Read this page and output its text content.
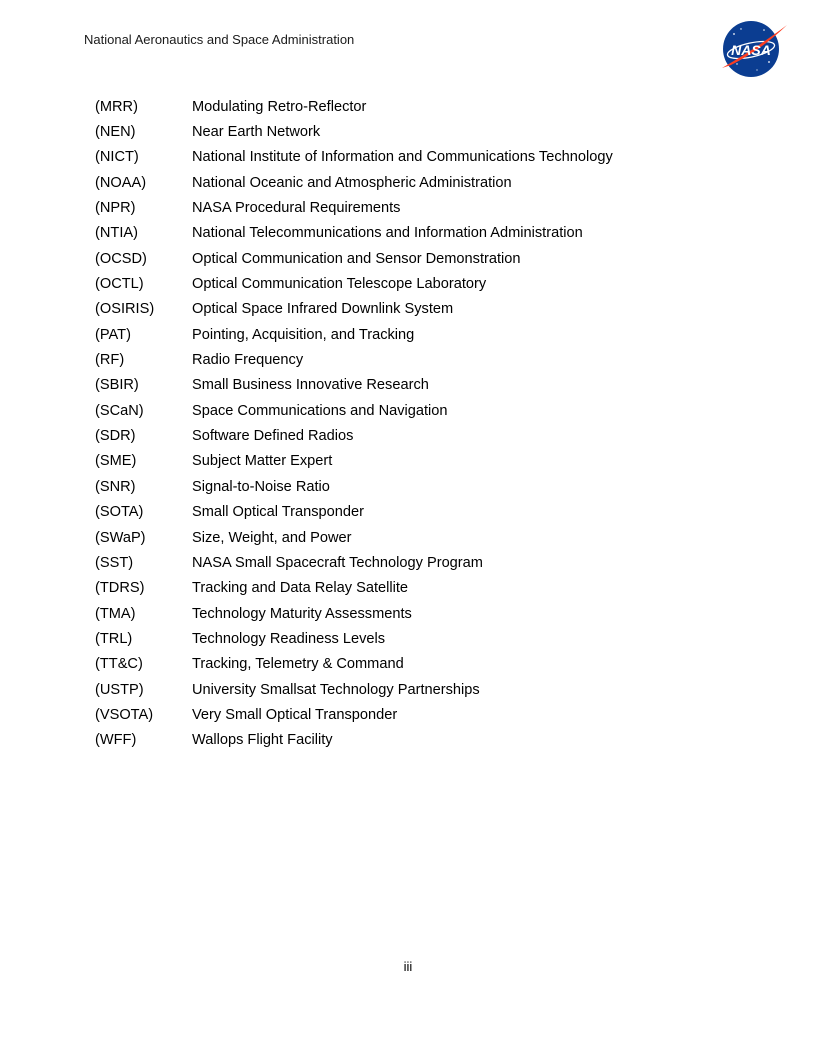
National Aeronautics and Space Administration
NASA
(MRR)	Modulating Retro-Reflector
(NEN)	Near Earth Network
(NICT)	National Institute of Information and Communications Technology
(NOAA)	National Oceanic and Atmospheric Administration
(NPR)	NASA Procedural Requirements
(NTIA)	National Telecommunications and Information Administration
(OCSD)	Optical Communication and Sensor Demonstration
(OCTL)	Optical Communication Telescope Laboratory
(OSIRIS)	Optical Space Infrared Downlink System
(PAT)	Pointing, Acquisition, and Tracking
(RF)	Radio Frequency
(SBIR)	Small Business Innovative Research
(SCaN)	Space Communications and Navigation
(SDR)	Software Defined Radios
(SME)	Subject Matter Expert
(SNR)	Signal-to-Noise Ratio
(SOTA)	Small Optical Transponder
(SWaP)	Size, Weight, and Power
(SST)	NASA Small Spacecraft Technology Program
(TDRS)	Tracking and Data Relay Satellite
(TMA)	Technology Maturity Assessments
(TRL)	Technology Readiness Levels
(TT&C)	Tracking, Telemetry & Command
(USTP)	University Smallsat Technology Partnerships
(VSOTA)	Very Small Optical Transponder
(WFF)	Wallops Flight Facility
iii
